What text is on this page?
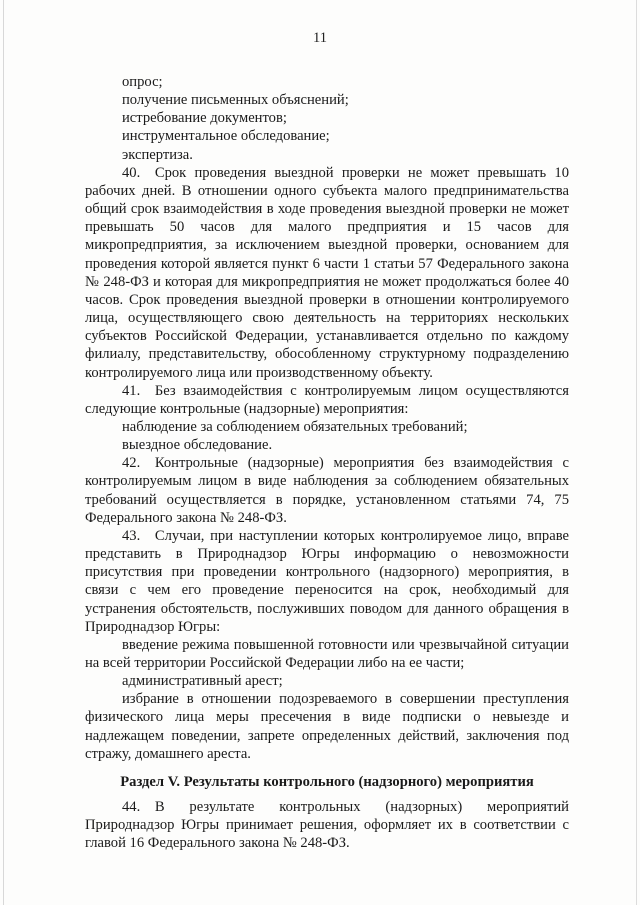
11

опрос;

получение письменных объяснений;

истребование документов;

инструментальное обследование;

экспертиза.

40. Срок проведения выездной проверки не может превышать 10 рабочих дней. В отношении одного субъекта малого предпринимательства общий срок взаимодействия в ходе проведения выездной проверки не может превышать 50 часов для малого предприятия и 15 часов для микропредприятия, за исключением выездной проверки, основанием для проведения которой является пункт 6 части 1 статьи 57 Федерального закона № 248-ФЗ и которая для микропредприятия не может продолжаться более 40 часов. Срок проведения выездной проверки в отношении контролируемого лица, осуществляющего свою деятельность на территориях нескольких субъектов Российской Федерации, устанавливается отдельно по каждому филиалу, представительству, обособленному структурному подразделению контролируемого лица или производственному объекту.

41. Без взаимодействия с контролируемым лицом осуществляются следующие контрольные (надзорные) мероприятия:

наблюдение за соблюдением обязательных требований;

выездное обследование.

42. Контрольные (надзорные) мероприятия без взаимодействия с контролируемым лицом в виде наблюдения за соблюдением обязательных требований осуществляется в порядке, установленном статьями 74, 75 Федерального закона № 248-ФЗ.

43. Случаи, при наступлении которых контролируемое лицо, вправе представить в Природнадзор Югры информацию о невозможности присутствия при проведении контрольного (надзорного) мероприятия, в связи с чем его проведение переносится на срок, необходимый для устранения обстоятельств, послуживших поводом для данного обращения в Природнадзор Югры:

введение режима повышенной готовности или чрезвычайной ситуации на всей территории Российской Федерации либо на ее части;

административный арест;

избрание в отношении подозреваемого в совершении преступления физического лица меры пресечения в виде подписки о невыезде и надлежащем поведении, запрете определенных действий, заключения под стражу, домашнего ареста.

Раздел V. Результаты контрольного (надзорного) мероприятия

44. В результате контрольных (надзорных) мероприятий Природнадзор Югры принимает решения, оформляет их в соответствии с главой 16 Федерального закона № 248-ФЗ.
